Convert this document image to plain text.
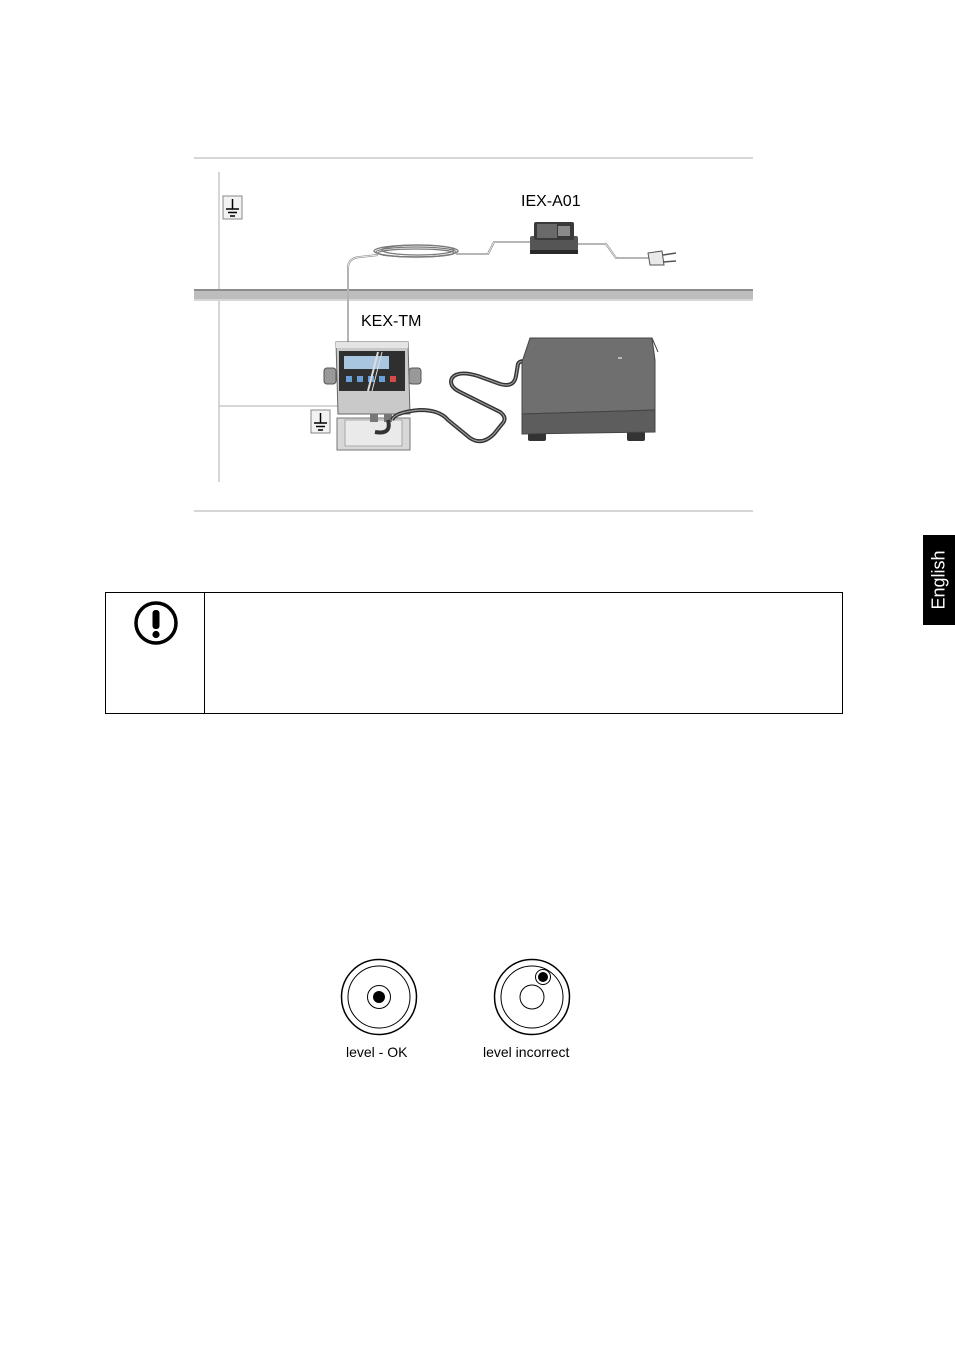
IEX-A01
KEX-TM
English
level - OK	level incorrect
